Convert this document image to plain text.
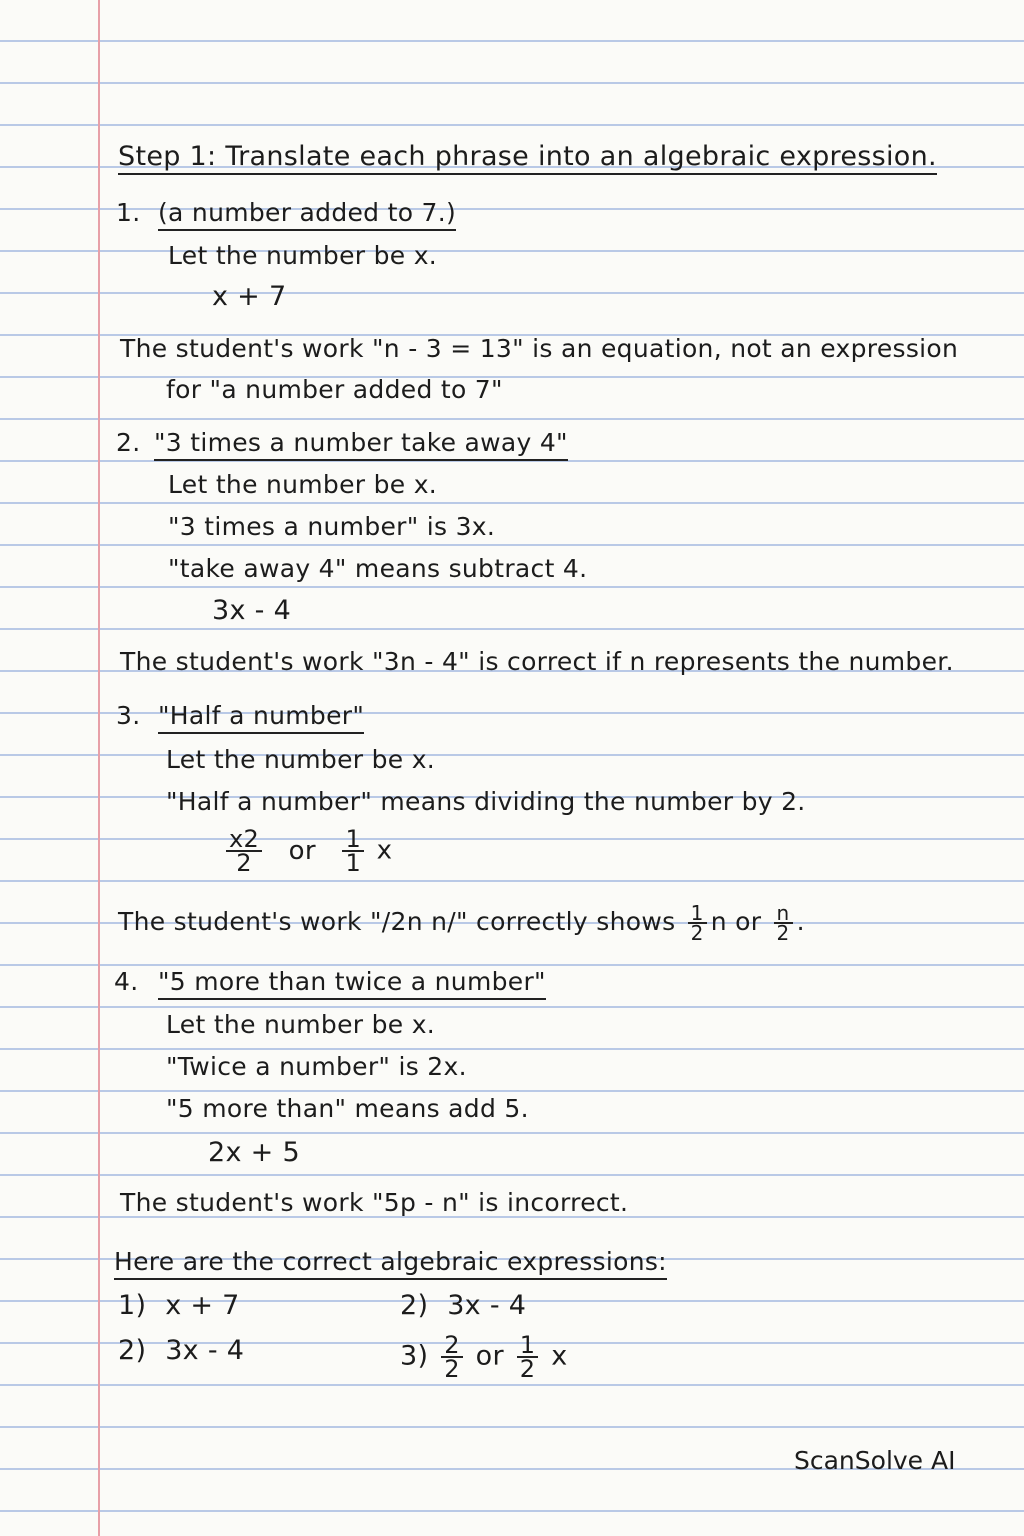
Step 1: Translate each phrase into an algebraic expression.
1. (a number added to 7.)
Let the number be x.
x + 7
The student's work "n - 3 = 13" is an equation, not an expression
for "a number added to 7"
2. "3 times a number take away 4"
Let the number be x.
"3 times a number" is 3x.
"take away 4" means subtract 4.
3x - 4
The student's work "3n - 4" is correct if n represents the number.
3. "Half a number"
Let the number be x.
"Half a number" means dividing the number by 2.
$\frac{x2}{2}$ or $\frac{1}{1}$ x
The student's work "/2n n/" correctly shows $\frac{1}{2}$ n or $\frac{n}{2}$ .
4. "5 more than twice a number"
Let the number be x.
"Twice a number" is 2x.
"5 more than" means add 5.
2x + 5
The student's work "5p - n" is incorrect.
Here are the correct algebraic expressions:
1) x + 7	2) 3x - 4
2) 3x - 4	$3) \frac{2}{2}$ or $\frac{1}{2}$ x
ScanSolve AI
